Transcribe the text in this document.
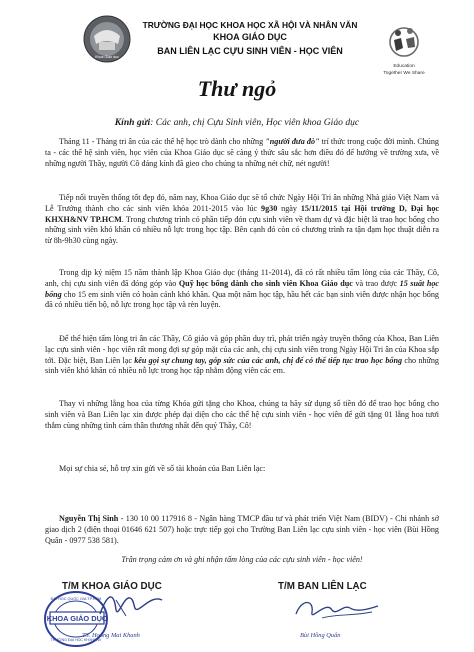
Khoa Giáo dục
TRƯỜNG ĐẠI HỌC KHOA HỌC XÃ HỘI VÀ NHÂN VĂN
KHOA GIÁO DỤC
BAN LIÊN LẠC CỰU SINH VIÊN - HỌC VIÊN
Education
Together We Share
Thư ngỏ
Kính gửi: Các anh, chị Cựu Sinh viên, Học viên khoa Giáo dục
Tháng 11 - Tháng tri ân của các thế hệ học trò dành cho những "người đưa đò" trí thức trong cuộc đời mình. Chúng ta - các thế hệ sinh viên, học viên của Khoa Giáo dục sẽ càng ý thức sâu sắc hơn điều đó để hướng về trường xưa, về những người Thầy, người Cô đáng kính đã gieo cho chúng ta những nét chữ, nét người!
Tiếp nối truyền thống tốt đẹp đó, năm nay, Khoa Giáo dục sẽ tổ chức Ngày Hội Tri ân những Nhà giáo Việt Nam và Lễ Trưởng thành cho các sinh viên khóa 2011-2015 vào lúc 9g30 ngày 15/11/2015 tại Hội trường D, Đại học KHXH&NV TP.HCM. Trong chương trình có phần tiếp đón cựu sinh viên về tham dự và đặc biệt là trao học bổng cho những sinh viên khó khăn có nhiều nỗ lực trong học tập. Bên cạnh đó còn có chương trình ra tận đạm học thuật diễn ra từ 8h-9h30 cùng ngày.
Trong dịp kỷ niệm 15 năm thành lập Khoa Giáo dục (tháng 11-2014), đã có rất nhiều tấm lòng của các Thầy, Cô, anh, chị cựu sinh viên đã đóng góp vào Quỹ học bổng dành cho sinh viên Khoa Giáo dục và trao được 15 suất học bổng cho 15 em sinh viên có hoàn cảnh khó khăn. Qua một năm học tập, hầu hết các bạn sinh viên được nhận học bổng đã có nhiều tiến bộ, nỗ lực trong học tập và rèn luyện.
Để thể hiện tấm lòng tri ân các Thầy, Cô giáo và góp phần duy trì, phát triển ngày truyền thống của Khoa, Ban Liên lạc cựu sinh viên - học viên rất mong đợi sự góp mặt của các anh, chị cựu sinh viên trong Ngày Hội Tri ân của Khoa sắp tới. Đặc biệt, Ban Liên lạc kêu gọi sự chung tay, góp sức của các anh, chị để có thể tiếp tục trao học bổng cho những sinh viên khó khăn có nhiều nỗ lực trong học tập nhằm động viên các em.
Thay vì những lẵng hoa của từng Khóa gửi tặng cho Khoa, chúng ta hãy sử dụng số tiền đó để trao học bổng cho sinh viên và Ban Liên lạc xin được phép đại diện cho các thế hệ cựu sinh viên - học viên để gửi tặng 01 lẵng hoa tươi thắm cùng những tình cảm thân thương nhất đến quý Thầy, Cô!
Mọi sự chia sẻ, hỗ trợ xin gửi về số tài khoản của Ban Liên lạc:
Nguyễn Thị Sinh - 130 10 00 117916 8 - Ngân hàng TMCP đầu tư và phát triển Việt Nam (BIDV) - Chi nhánh sở giao dịch 2 (điện thoại 01646 621 507) hoặc trực tiếp gọi cho Trường Ban Liên lạc cựu sinh viên - học viên (Bùi Hồng Quân - 0977 538 581).
Trân trọng cảm ơn và ghi nhận tấm lòng của các cựu sinh viên - học viên!
T/M KHOA GIÁO DỤC	T/M BAN LIÊN LẠC
KHOA GIÁO DỤC
ĐẠI HỌC QUỐC GIA TP.HCM
TRƯỜNG ĐẠI HỌC KHXH&NV
TS. Hoàng Mai Khanh	Bùi Hồng Quân
